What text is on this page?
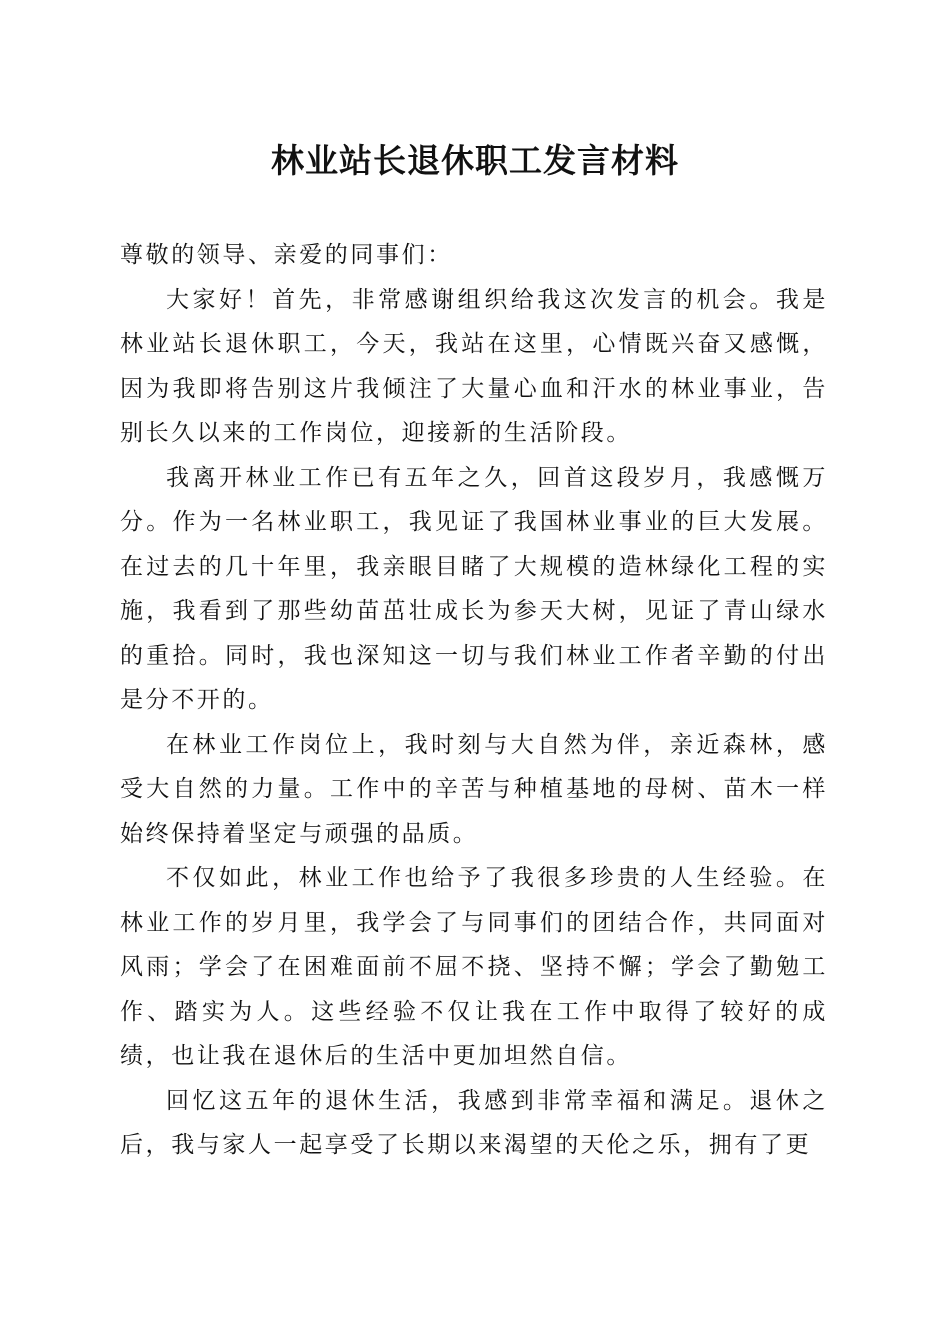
林业站长退休职工发言材料

尊敬的领导、亲爱的同事们：

大家好！首先，非常感谢组织给我这次发言的机会。我是林业站长退休职工，今天，我站在这里，心情既兴奋又感慨，因为我即将告别这片我倾注了大量心血和汗水的林业事业，告别长久以来的工作岗位，迎接新的生活阶段。

我离开林业工作已有五年之久，回首这段岁月，我感慨万分。作为一名林业职工，我见证了我国林业事业的巨大发展。在过去的几十年里，我亲眼目睹了大规模的造林绿化工程的实施，我看到了那些幼苗茁壮成长为参天大树，见证了青山绿水的重拾。同时，我也深知这一切与我们林业工作者辛勤的付出是分不开的。

在林业工作岗位上，我时刻与大自然为伴，亲近森林，感受大自然的力量。工作中的辛苦与种植基地的母树、苗木一样始终保持着坚定与顽强的品质。

不仅如此，林业工作也给予了我很多珍贵的人生经验。在林业工作的岁月里，我学会了与同事们的团结合作，共同面对风雨；学会了在困难面前不屈不挠、坚持不懈；学会了勤勉工作、踏实为人。这些经验不仅让我在工作中取得了较好的成绩，也让我在退休后的生活中更加坦然自信。

回忆这五年的退休生活，我感到非常幸福和满足。退休之后，我与家人一起享受了长期以来渴望的天伦之乐，拥有了更
